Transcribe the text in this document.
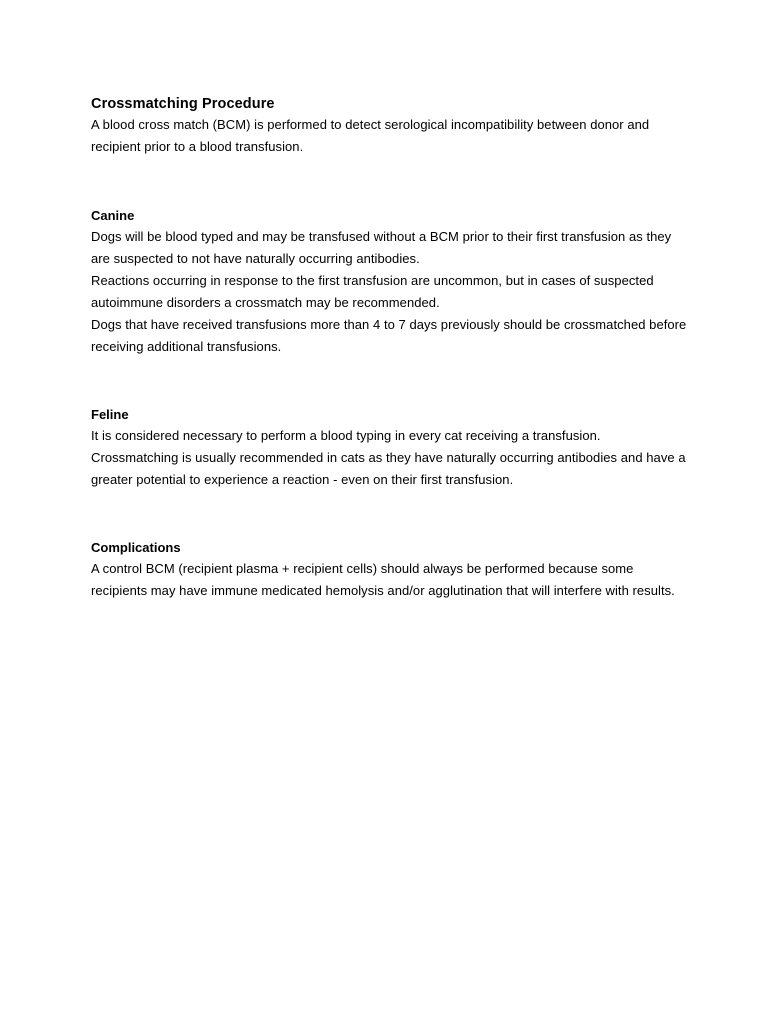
Crossmatching Procedure

A blood cross match (BCM) is performed to detect serological incompatibility between donor and recipient prior to a blood transfusion.

Canine

Dogs will be blood typed and may be transfused without a BCM prior to their first transfusion as they are suspected to not have naturally occurring antibodies.

Reactions occurring in response to the first transfusion are uncommon, but in cases of suspected autoimmune disorders a crossmatch may be recommended.

Dogs that have received transfusions more than 4 to 7 days previously should be crossmatched before receiving additional transfusions.

Feline

It is considered necessary to perform a blood typing in every cat receiving a transfusion.

Crossmatching is usually recommended in cats as they have naturally occurring antibodies and have a greater potential to experience a reaction - even on their first transfusion.

Complications

A control BCM (recipient plasma + recipient cells) should always be performed because some recipients may have immune medicated hemolysis and/or agglutination that will interfere with results.
